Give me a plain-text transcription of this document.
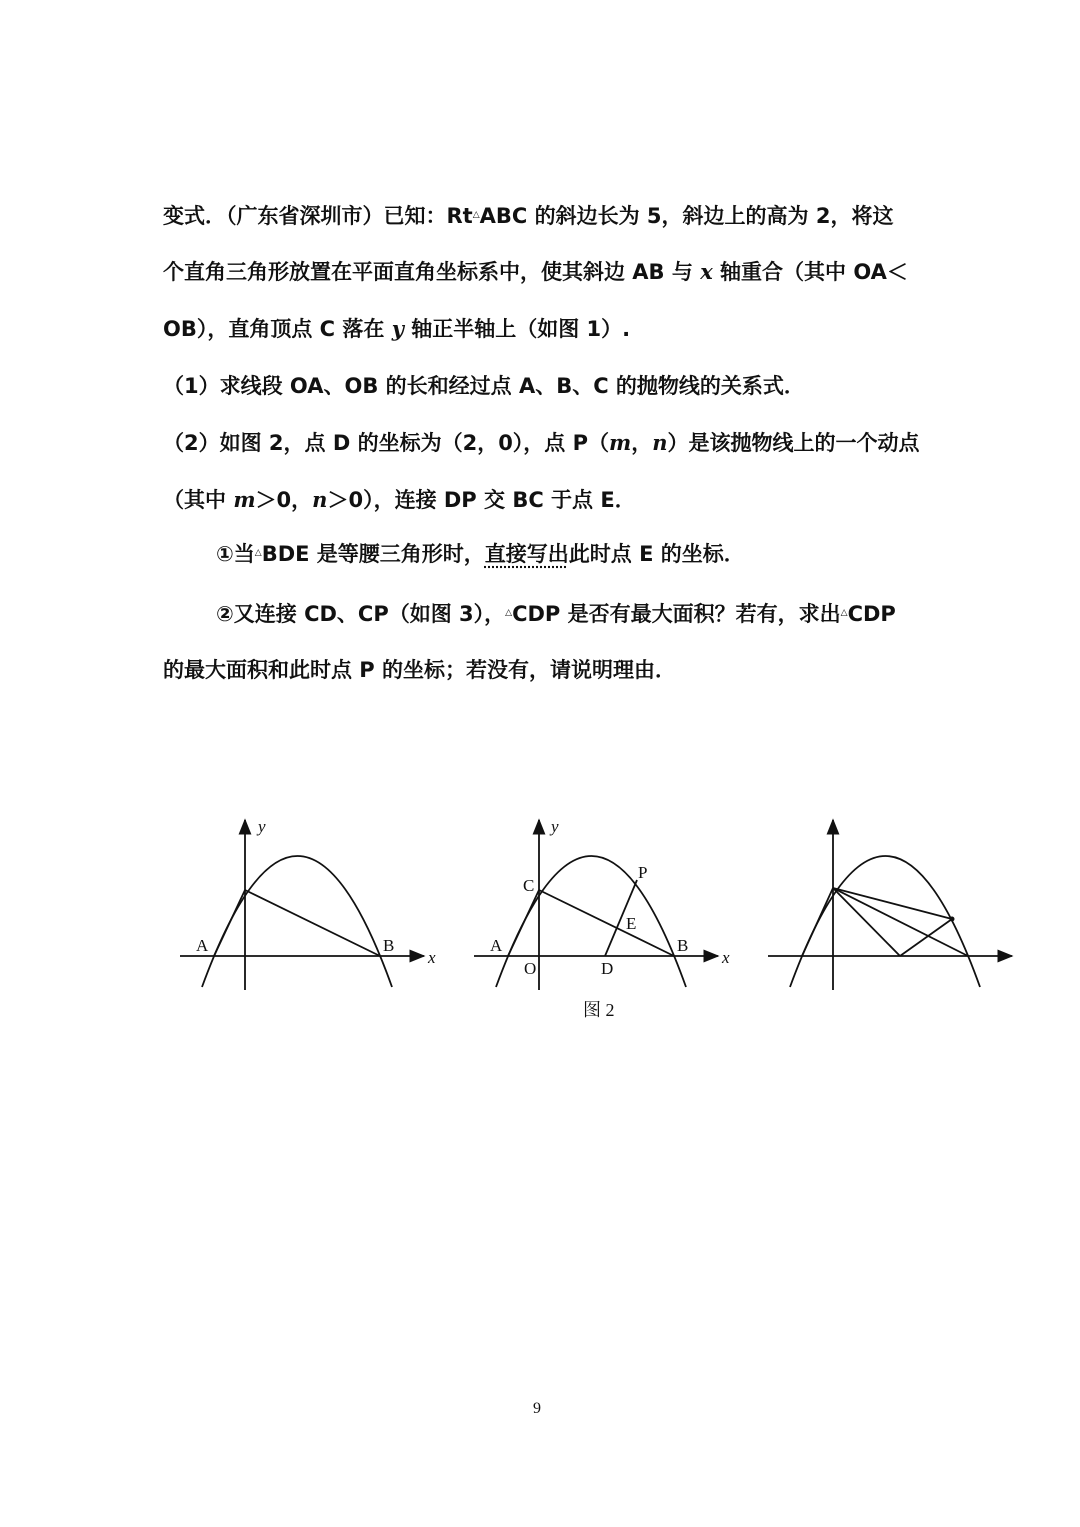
变式．（广东省深圳市）已知：Rt△ABC 的斜边长为 5，斜边上的高为 2，将这

个直角三角形放置在平面直角坐标系中，使其斜边 AB 与 x 轴重合（其中 OA＜

OB），直角顶点 C 落在 y 轴正半轴上（如图 1）.

（1）求线段 OA、OB 的长和经过点 A、B、C 的抛物线的关系式．

（2）如图 2，点 D 的坐标为（2，0），点 P（m，n）是该抛物线上的一个动点

（其中 m＞0，n＞0），连接 DP 交 BC 于点 E．

①当△BDE 是等腰三角形时，直接写出此时点 E 的坐标．

②又连接 CD、CP（如图 3），△CDP 是否有最大面积？若有，求出△CDP

的最大面积和此时点 P 的坐标；若没有，请说明理由．

y
x
A	B
y
x
A	B
C
O	D
E
P
图 2
9
